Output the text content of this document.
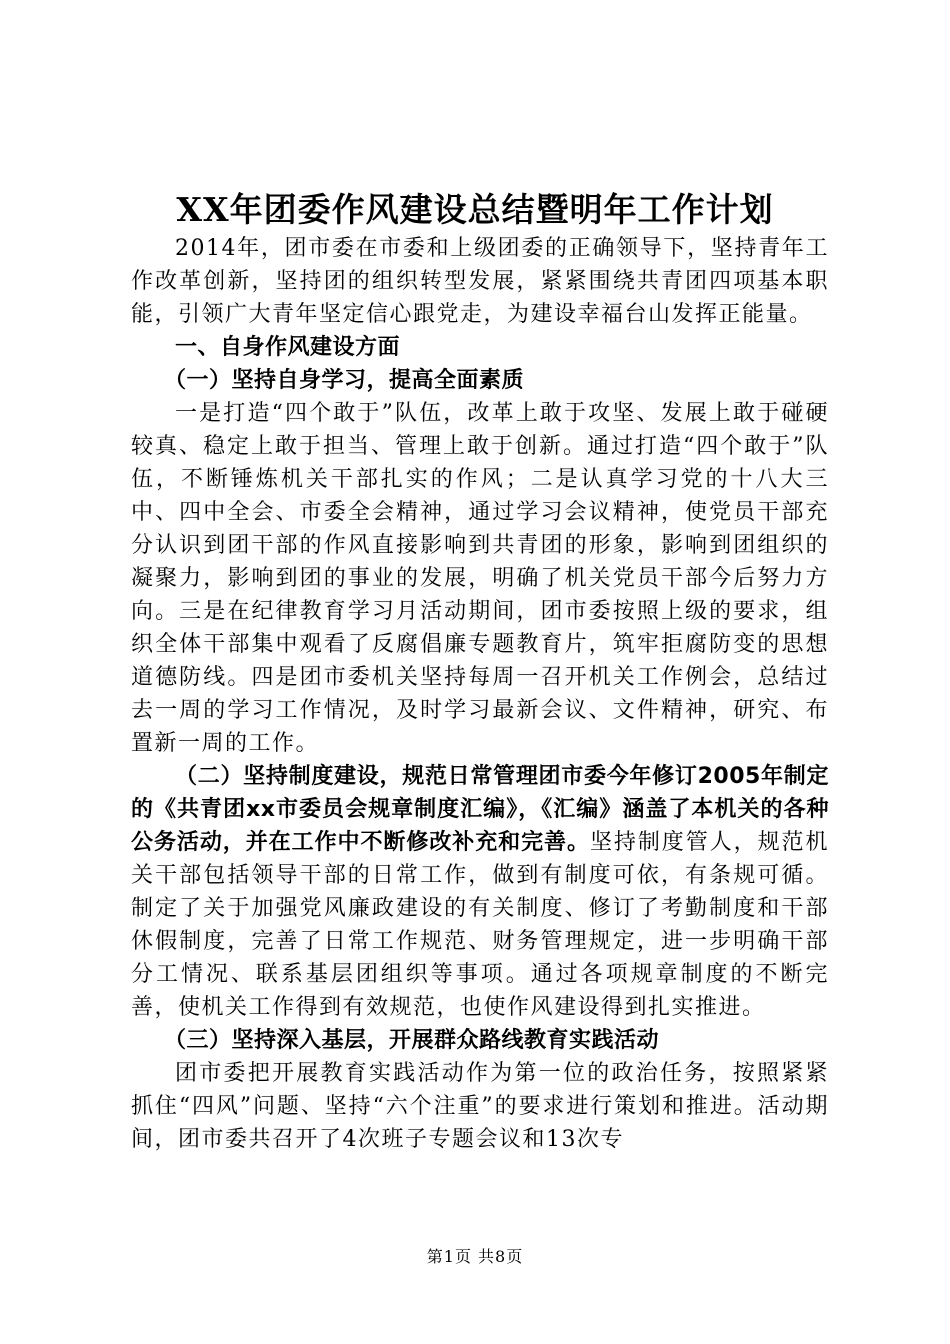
XX年团委作风建设总结暨明年工作计划

2014年，团市委在市委和上级团委的正确领导下，坚持青年工作改革创新，坚持团的组织转型发展，紧紧围绕共青团四项基本职能，引领广大青年坚定信心跟党走，为建设幸福台山发挥正能量。

一、自身作风建设方面

（一）坚持自身学习，提高全面素质

一是打造“四个敢于”队伍，改革上敢于攻坚、发展上敢于碰硬较真、稳定上敢于担当、管理上敢于创新。通过打造“四个敢于”队伍，不断锤炼机关干部扎实的作风；二是认真学习党的十八大三中、四中全会、市委全会精神，通过学习会议精神，使党员干部充分认识到团干部的作风直接影响到共青团的形象，影响到团组织的凝聚力，影响到团的事业的发展，明确了机关党员干部今后努力方向。三是在纪律教育学习月活动期间，团市委按照上级的要求，组织全体干部集中观看了反腐倡廉专题教育片，筑牢拒腐防变的思想道德防线。四是团市委机关坚持每周一召开机关工作例会，总结过去一周的学习工作情况，及时学习最新会议、文件精神，研究、布置新一周的工作。

（二）坚持制度建设，规范日常管理团市委今年修订2005年制定的《共青团xx市委员会规章制度汇编》，《汇编》涵盖了本机关的各种公务活动，并在工作中不断修改补充和完善。坚持制度管人，规范机关干部包括领导干部的日常工作，做到有制度可依，有条规可循。制定了关于加强党风廉政建设的有关制度、修订了考勤制度和干部休假制度，完善了日常工作规范、财务管理规定，进一步明确干部分工情况、联系基层团组织等事项。通过各项规章制度的不断完善，使机关工作得到有效规范，也使作风建设得到扎实推进。

（三）坚持深入基层，开展群众路线教育实践活动

团市委把开展教育实践活动作为第一位的政治任务，按照紧紧抓住“四风”问题、坚持“六个注重”的要求进行策划和推进。活动期间，团市委共召开了4次班子专题会议和13次专

第1页 共8页
